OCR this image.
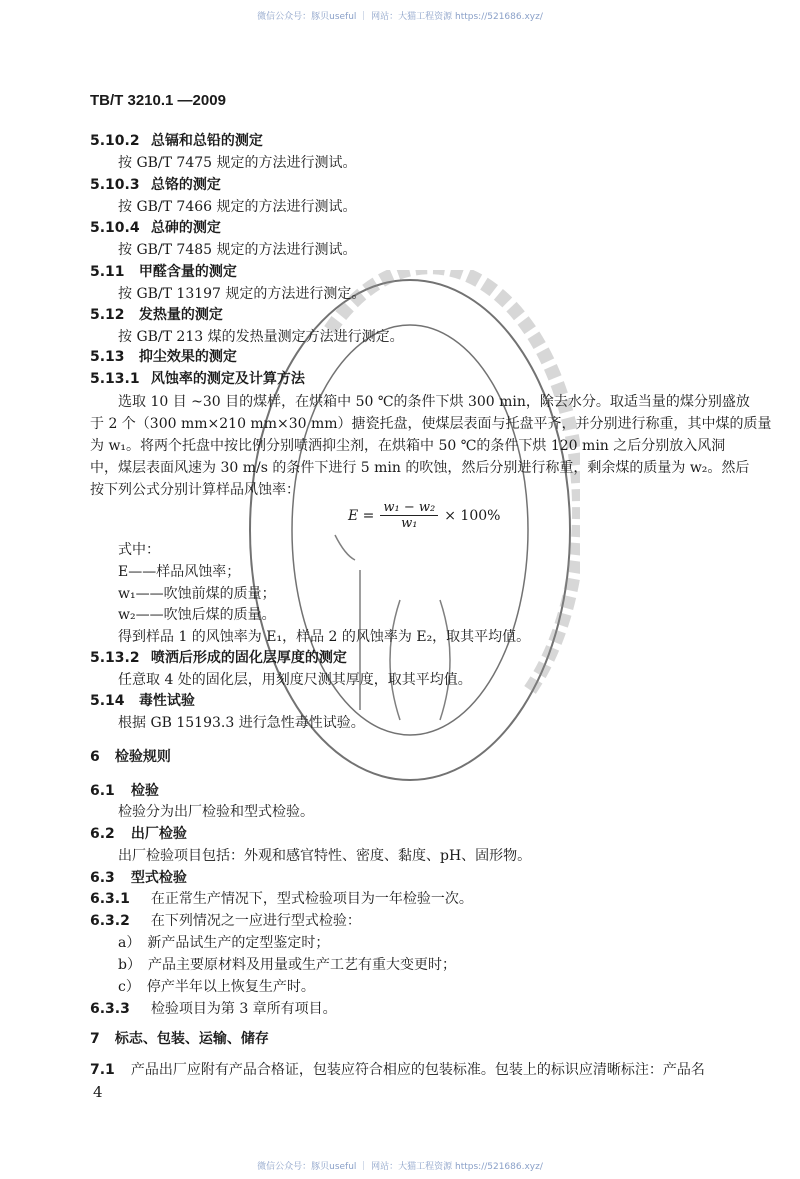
微信公众号：豚贝useful ｜ 网站：大猫工程资源 https://521686.xyz/
TB/T 3210.1 —2009
5.10.2 总镉和总铅的测定
按 GB/T 7475 规定的方法进行测试。
5.10.3 总铬的测定
按 GB/T 7466 规定的方法进行测试。
5.10.4 总砷的测定
按 GB/T 7485 规定的方法进行测试。
5.11 甲醛含量的测定
按 GB/T 13197 规定的方法进行测定。
5.12 发热量的测定
按 GB/T 213 煤的发热量测定方法进行测定。
5.13 抑尘效果的测定
5.13.1 风蚀率的测定及计算方法
选取 10 目 ~30 目的煤样，在烘箱中 50 ℃的条件下烘 300 min，除去水分。取适当量的煤分别盛放
于 2 个（300 mm×210 mm×30 mm）搪瓷托盘，使煤层表面与托盘平齐，并分别进行称重，其中煤的质量
为 w₁。将两个托盘中按比例分别喷洒抑尘剂，在烘箱中 50 ℃的条件下烘 120 min 之后分别放入风洞
中，煤层表面风速为 30 m/s 的条件下进行 5 min 的吹蚀，然后分别进行称重，剩余煤的质量为 w₂。然后
按下列公式分别计算样品风蚀率：
$E = \frac{\text{w₁ − w₂}}{\text{w₁}} \times 100\%$
式中：
E——样品风蚀率；
w₁——吹蚀前煤的质量；
w₂——吹蚀后煤的质量。
得到样品 1 的风蚀率为 E₁，样品 2 的风蚀率为 E₂，取其平均值。
5.13.2 喷洒后形成的固化层厚度的测定
任意取 4 处的固化层，用刻度尺测其厚度，取其平均值。
5.14 毒性试验
根据 GB 15193.3 进行急性毒性试验。
6 检验规则
6.1 检验
检验分为出厂检验和型式检验。
6.2 出厂检验
出厂检验项目包括：外观和感官特性、密度、黏度、pH、固形物。
6.3 型式检验
6.3.1 在正常生产情况下，型式检验项目为一年检验一次。
6.3.2 在下列情况之一应进行型式检验：
a）　新产品试生产的定型鉴定时；
b）　产品主要原材料及用量或生产工艺有重大变更时；
c）　停产半年以上恢复生产时。
6.3.3 检验项目为第 3 章所有项目。
7 标志、包装、运输、储存
7.1 产品出厂应附有产品合格证，包装应符合相应的包装标准。包装上的标识应清晰标注：产品名
4
微信公众号：豚贝useful ｜ 网站：大猫工程资源 https://521686.xyz/
